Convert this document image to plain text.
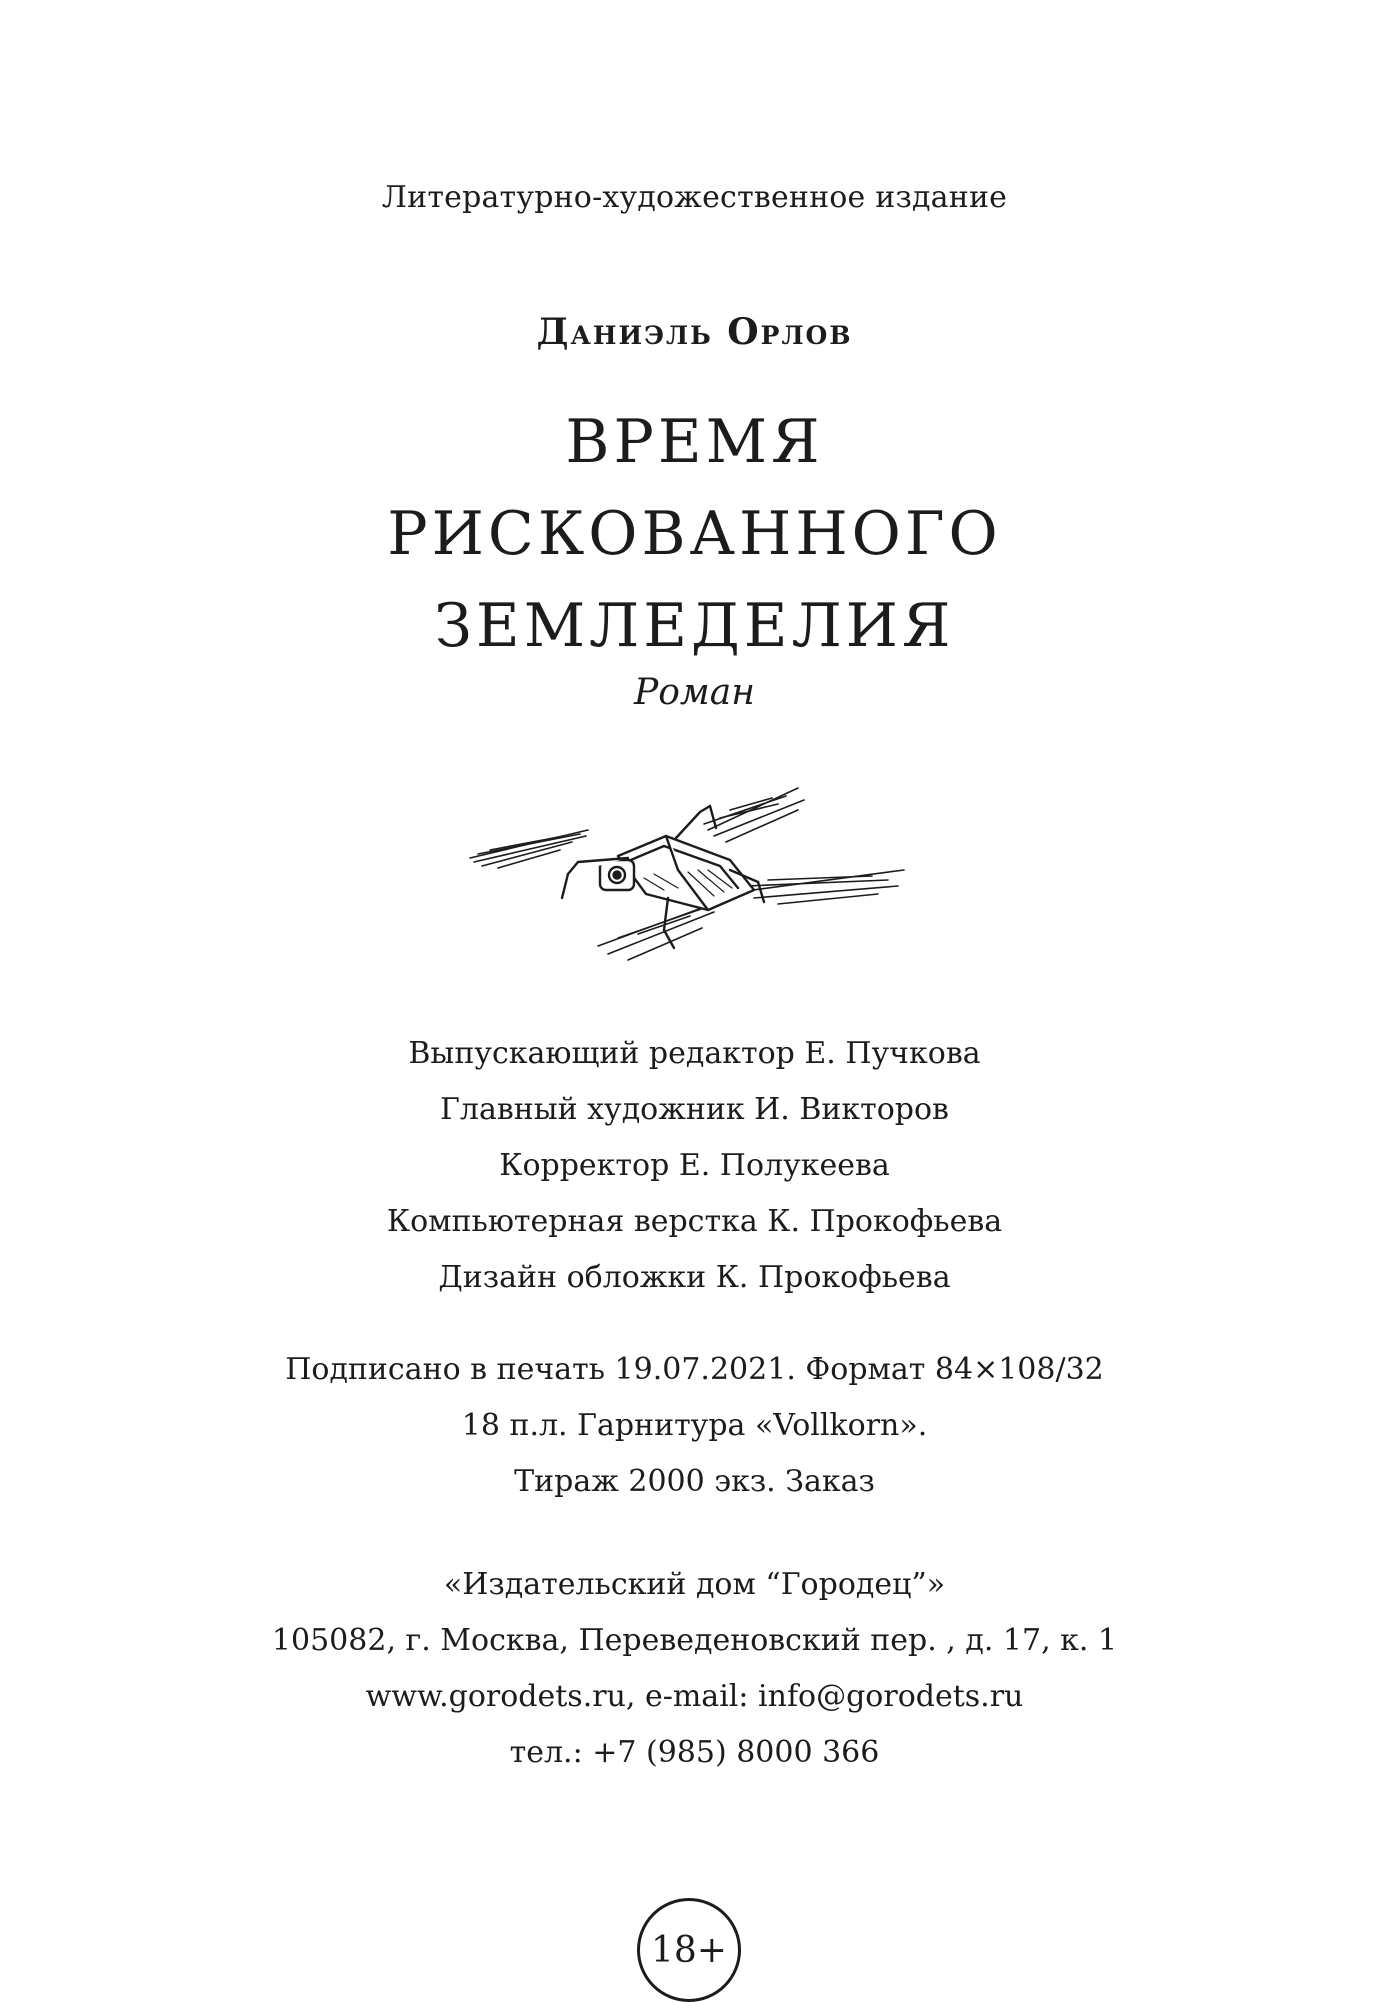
Литературно-художественное издание
Даниэль Орлов
ВРЕМЯ
РИСКОВАННОГО
ЗЕМЛЕДЕЛИЯ
Роман
Выпускающий редактор Е. Пучкова
Главный художник И. Викторов
Корректор Е. Полукеева
Компьютерная верстка К. Прокофьева
Дизайн обложки К. Прокофьева
Подписано в печать 19.07.2021. Формат 84×108/32
18 п.л. Гарнитура «Vollkorn».
Тираж 2000 экз. Заказ
«Издательский дом “Городец”»
105082, г. Москва, Переведеновский пер. , д. 17, к. 1
www.gorodets.ru, e-mail: info@gorodets.ru
тел.: +7 (985) 8000 366
18+
